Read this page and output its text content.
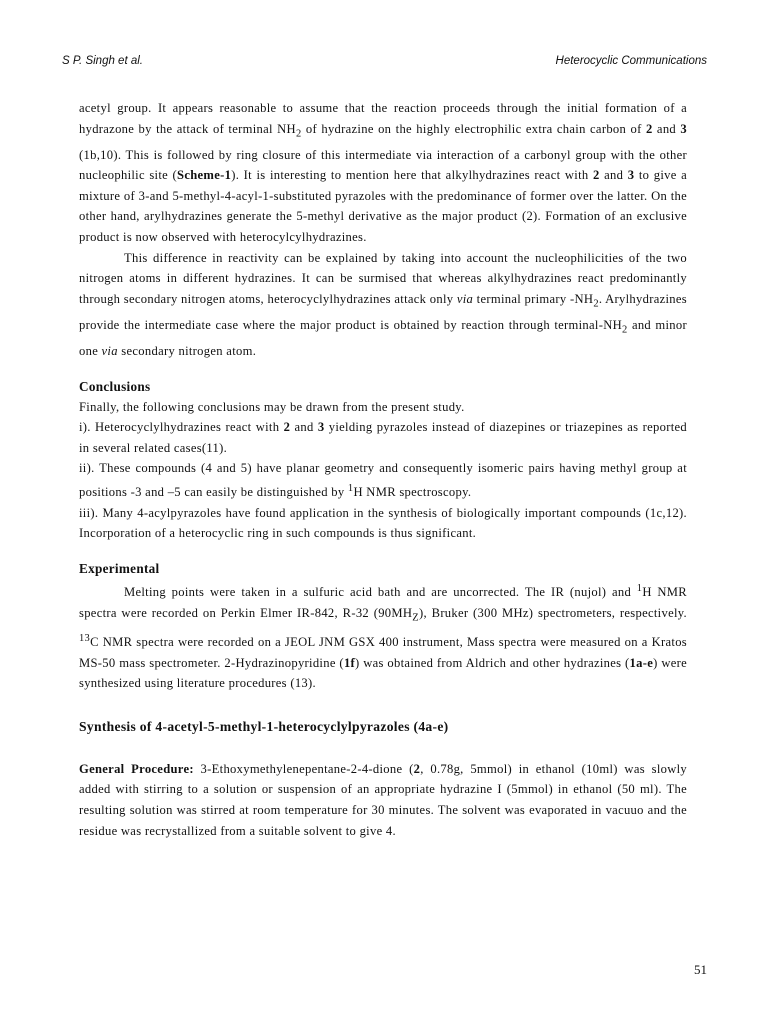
S P. Singh et al.	Heterocyclic Communications

acetyl group. It appears reasonable to assume that the reaction proceeds through the initial formation of a hydrazone by the attack of terminal $NH_2$ of hydrazine on the highly electrophilic extra chain carbon of 2 and 3 (1b,10). This is followed by ring closure of this intermediate via interaction of a carbonyl group with the other nucleophilic site (Scheme-1). It is interesting to mention here that alkylhydrazines react with 2 and 3 to give a mixture of 3-and 5-methyl-4-acyl-1-substituted pyrazoles with the predominance of former over the latter. On the other hand, arylhydrazines generate the 5-methyl derivative as the major product (2). Formation of an exclusive product is now observed with heterocylcylhydrazines.

This difference in reactivity can be explained by taking into account the nucleophilicities of the two nitrogen atoms in different hydrazines. It can be surmised that whereas alkylhydrazines react predominantly through secondary nitrogen atoms, heterocyclylhydrazines attack only via terminal primary $-NH_2$. Arylhydrazines provide the intermediate case where the major product is obtained by reaction through terminal-$NH_2$ and minor one via secondary nitrogen atom.

Conclusions

Finally, the following conclusions may be drawn from the present study.

i). Heterocyclylhydrazines react with 2 and 3 yielding pyrazoles instead of diazepines or triazepines as reported in several related cases(11).

ii). These compounds (4 and 5) have planar geometry and consequently isomeric pairs having methyl group at positions -3 and –5 can easily be distinguished by $^1$H NMR spectroscopy.

iii). Many 4-acylpyrazoles have found application in the synthesis of biologically important compounds (1c,12). Incorporation of a heterocyclic ring in such compounds is thus significant.

Experimental

Melting points were taken in a sulfuric acid bath and are uncorrected. The IR (nujol) and $^1$H NMR spectra were recorded on Perkin Elmer IR-842, R-32 $(90MH_Z)$, Bruker (300 MHz) spectrometers, respectively. $^{13}$C NMR spectra were recorded on a JEOL JNM GSX 400 instrument, Mass spectra were measured on a Kratos MS-50 mass spectrometer. 2-Hydrazinopyridine (1f) was obtained from Aldrich and other hydrazines (1a-e) were synthesized using literature procedures (13).

Synthesis of 4-acetyl-5-methyl-1-heterocyclylpyrazoles (4a-e)

General Procedure: 3-Ethoxymethylenepentane-2-4-dione (2, 0.78g, 5mmol) in ethanol (10ml) was slowly added with stirring to a solution or suspension of an appropriate hydrazine I (5mmol) in ethanol (50 ml). The resulting solution was stirred at room temperature for 30 minutes. The solvent was evaporated in vacuuo and the residue was recrystallized from a suitable solvent to give 4.

51
